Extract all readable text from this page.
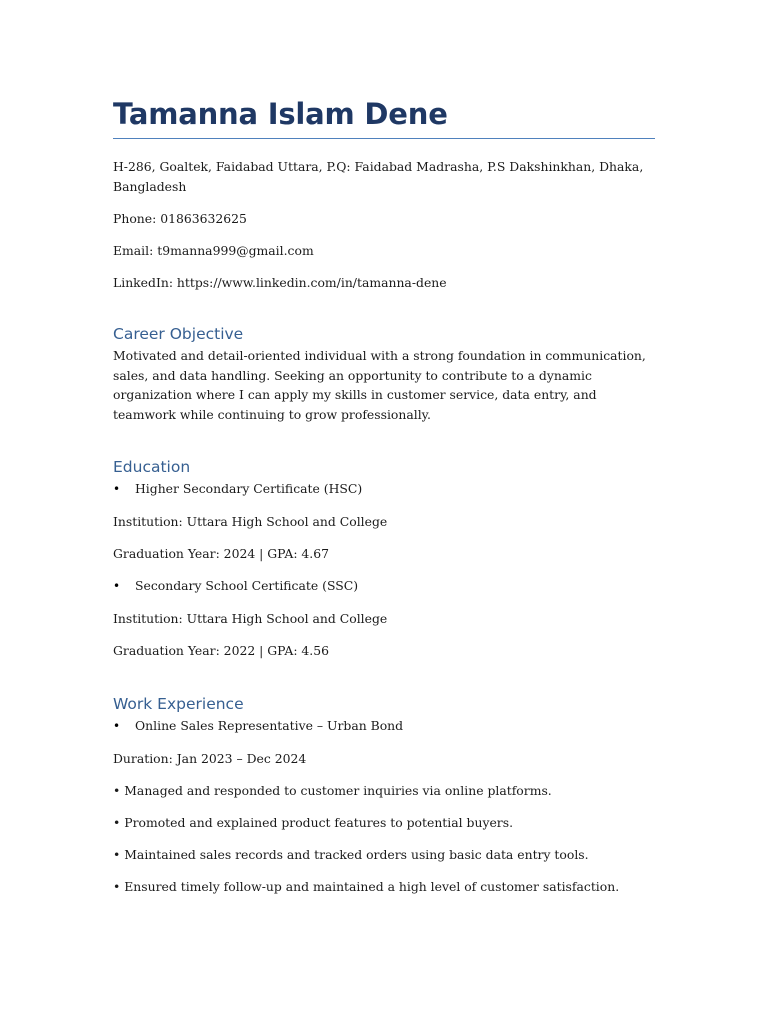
Tamanna Islam Dene

H-286, Goaltek, Faidabad Uttara, P.Q: Faidabad Madrasha, P.S Dakshinkhan, Dhaka, Bangladesh

Phone: 01863632625

Email: t9manna999@gmail.com

LinkedIn: https://www.linkedin.com/in/tamanna-dene

Career Objective

Motivated and detail-oriented individual with a strong foundation in communication, sales, and data handling. Seeking an opportunity to contribute to a dynamic organization where I can apply my skills in customer service, data entry, and teamwork while continuing to grow professionally.

Education
•	Higher Secondary Certificate (HSC)

Institution: Uttara High School and College

Graduation Year: 2024 | GPA: 4.67

•	Secondary School Certificate (SSC)

Institution: Uttara High School and College

Graduation Year: 2022 | GPA: 4.56

Work Experience
•	Online Sales Representative – Urban Bond

Duration: Jan 2023 – Dec 2024

• Managed and responded to customer inquiries via online platforms.

• Promoted and explained product features to potential buyers.

• Maintained sales records and tracked orders using basic data entry tools.

• Ensured timely follow-up and maintained a high level of customer satisfaction.
